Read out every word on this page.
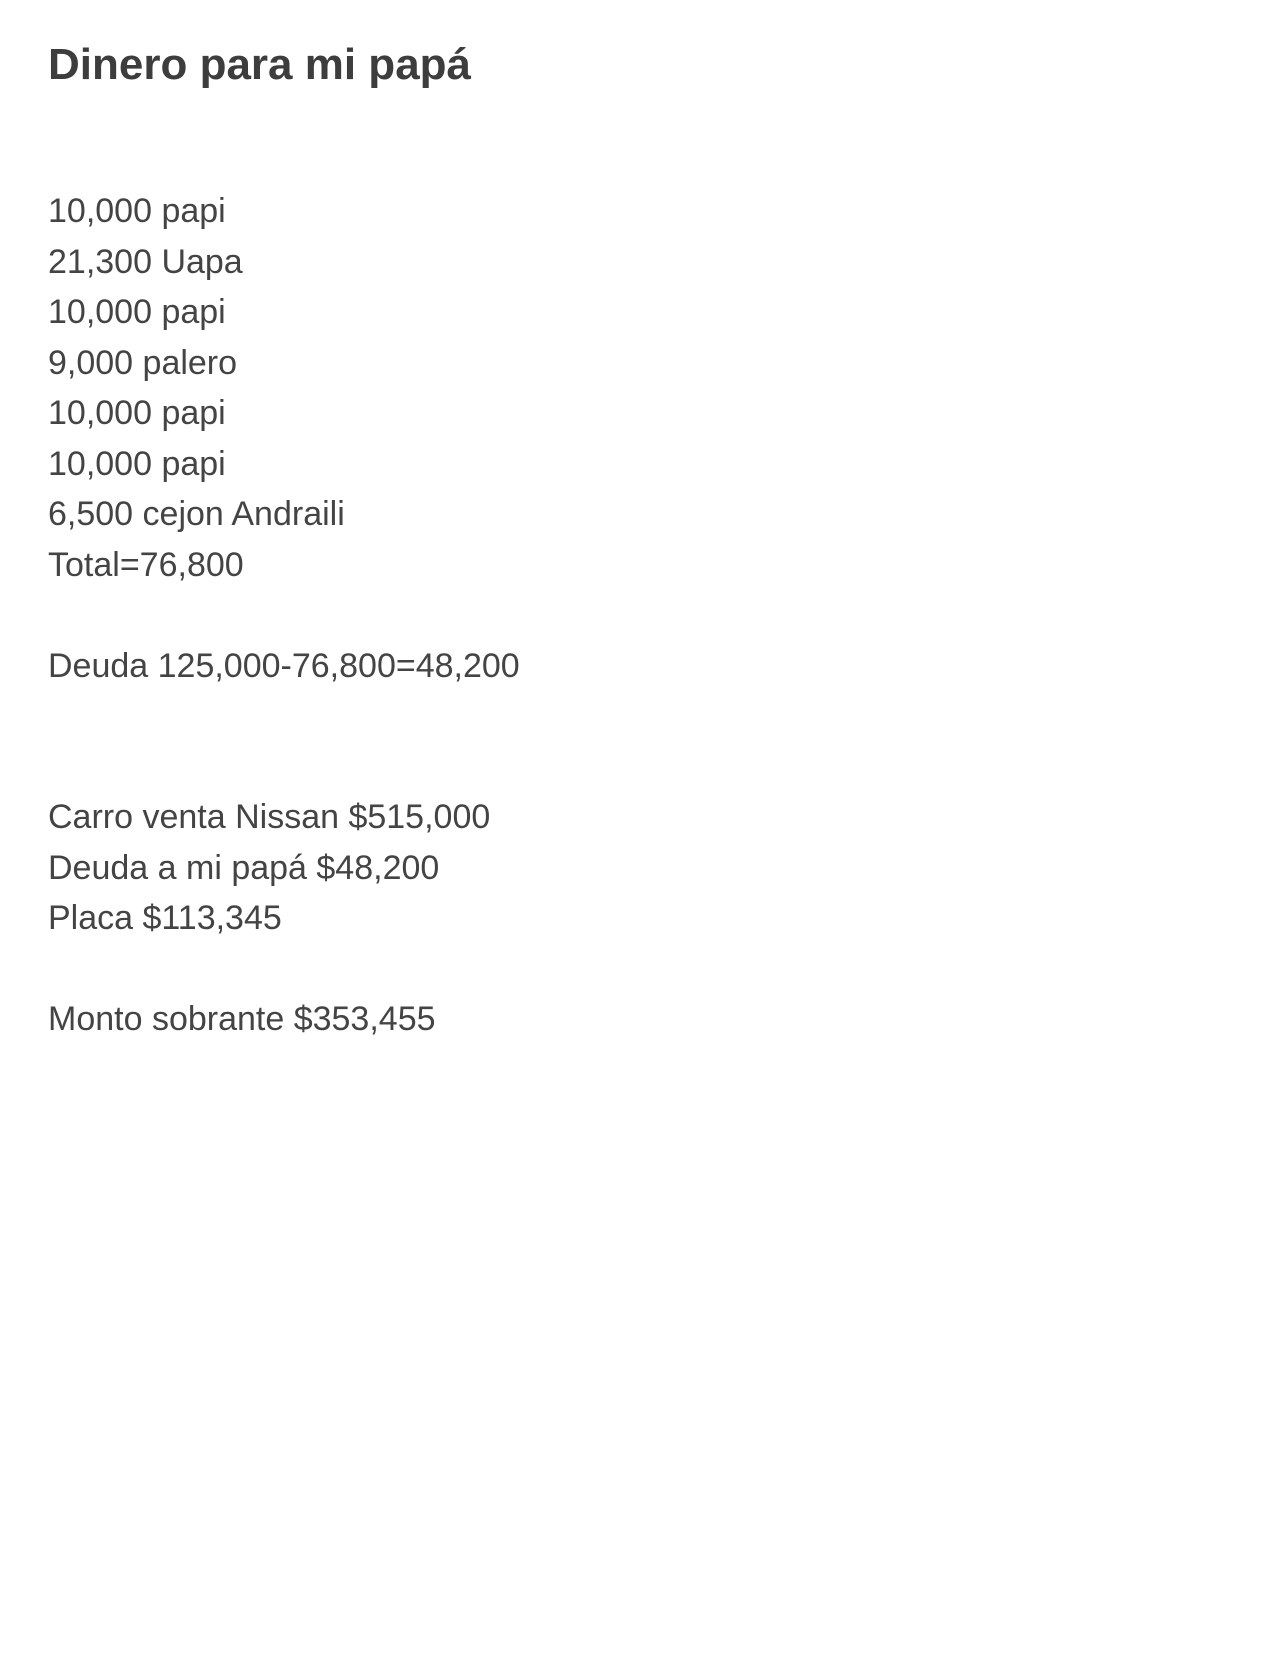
Dinero para mi papá
10,000 papi
21,300 Uapa
10,000 papi
9,000 palero
10,000 papi
10,000 papi
6,500 cejon Andraili
Total=76,800
Deuda 125,000-76,800=48,200
Carro venta Nissan $515,000
Deuda a mi papá $48,200
Placa $113,345
Monto sobrante $353,455
